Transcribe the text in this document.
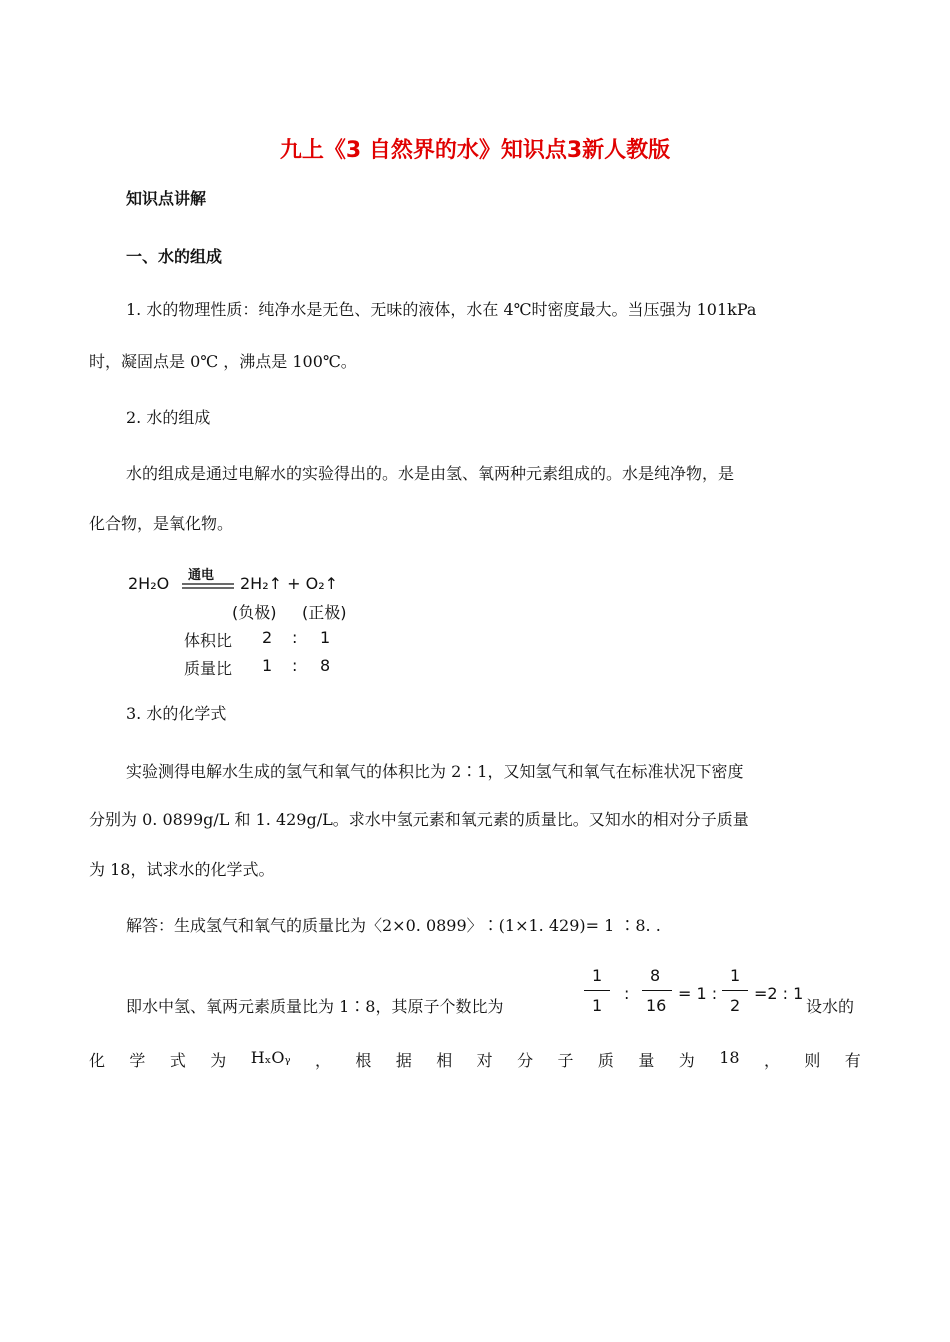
九上《3 自然界的水》知识点3新人教版
知识点讲解
一、水的组成
1. 水的物理性质：纯净水是无色、无味的液体，水在 4℃时密度最大。当压强为 101kPa
时，凝固点是 0℃ ，沸点是 100℃。
2. 水的组成
水的组成是通过电解水的实验得出的。水是由氢、氧两种元素组成的。水是纯净物，是
化合物，是氧化物。
2H₂O 通电 2H₂↑ + O₂↑
(负极) (正极)
体积比 2 : 1
质量比 1 : 8
3. 水的化学式
实验测得电解水生成的氢气和氧气的体积比为 2∶1，又知氢气和氧气在标准状况下密度
分别为 0. 0899g/L 和 1. 429g/L。求水中氢元素和氧元素的质量比。又知水的相对分子质量
为 18，试求水的化学式。
解答：生成氢气和氧气的质量比为〈2×0. 0899〉∶(1×1. 429)= 1 ∶8. .
即水中氢、氧两元素质量比为 1∶8，其原子个数比为
1
1
:
8
16
= 1 :
1
2
=2 : 1
设水的
化 学 式 为 HₓOᵧ ， 根 据 相 对 分 子 质 量 为 18 ， 则 有
